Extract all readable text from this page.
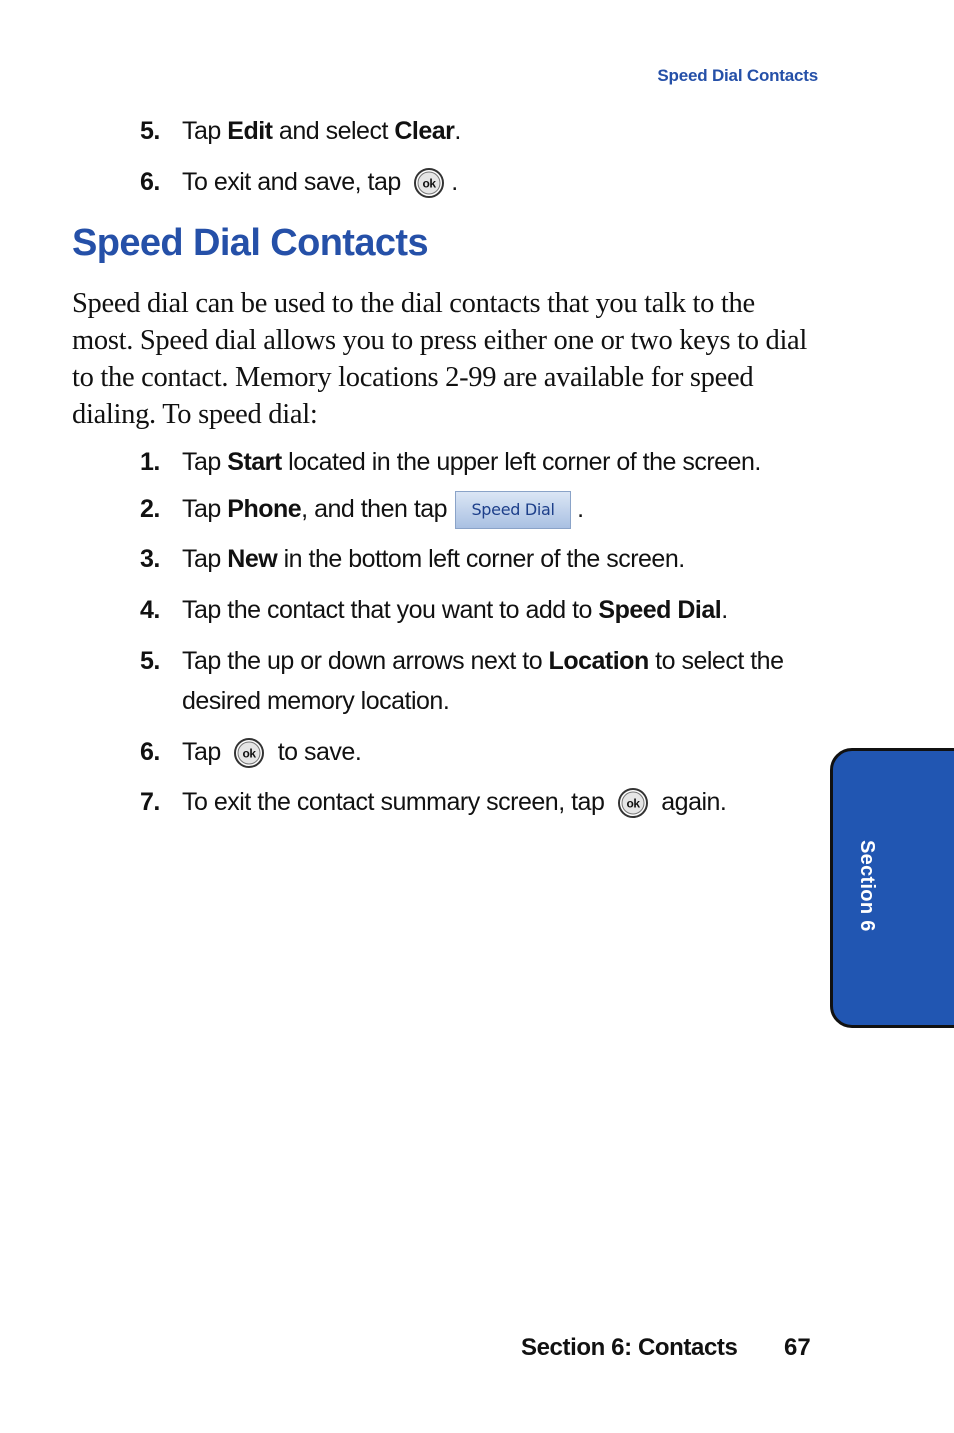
Speed Dial Contacts
5. Tap Edit and select Clear.
6. To exit and save, tap ok .
Speed Dial Contacts

Speed dial can be used to the dial contacts that you talk to the most. Speed dial allows you to press either one or two keys to dial to the contact. Memory locations 2-99 are available for speed dialing. To speed dial:

1. Tap Start located in the upper left corner of the screen.
2. Tap Phone, and then tap Speed Dial .
3. Tap New in the bottom left corner of the screen.
4. Tap the contact that you want to add to Speed Dial.
5. Tap the up or down arrows next to Location to select the desired memory location.
6. Tap ok to save.
7. To exit the contact summary screen, tap ok again.
Section 6
Section 6: Contacts 67
